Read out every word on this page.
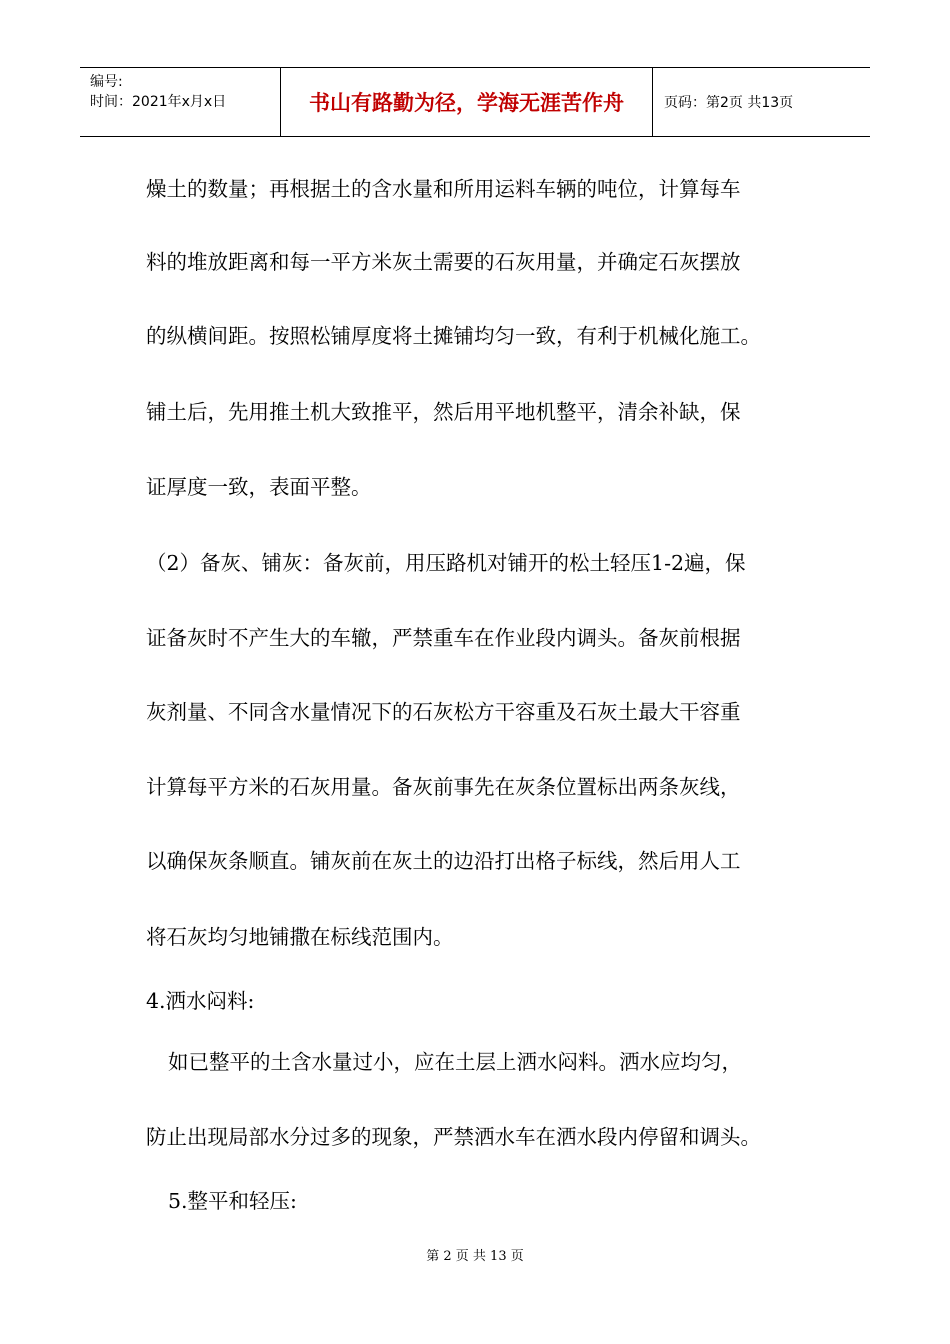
编号:
时间：2021年x月x日	书山有路勤为径，学海无涯苦作舟	页码：第2页 共13页

燥土的数量；再根据土的含水量和所用运料车辆的吨位，计算每车

料的堆放距离和每一平方米灰土需要的石灰用量，并确定石灰摆放

的纵横间距。按照松铺厚度将土摊铺均匀一致，有利于机械化施工。

铺土后，先用推土机大致推平，然后用平地机整平，清余补缺，保

证厚度一致，表面平整。

（2）备灰、铺灰：备灰前，用压路机对铺开的松土轻压1-2遍，保

证备灰时不产生大的车辙，严禁重车在作业段内调头。备灰前根据

灰剂量、不同含水量情况下的石灰松方干容重及石灰土最大干容重

计算每平方米的石灰用量。备灰前事先在灰条位置标出两条灰线，

以确保灰条顺直。铺灰前在灰土的边沿打出格子标线，然后用人工

将石灰均匀地铺撒在标线范围内。

4.洒水闷料:

如已整平的土含水量过小，应在土层上洒水闷料。洒水应均匀，

防止出现局部水分过多的现象，严禁洒水车在洒水段内停留和调头。

5.整平和轻压:

第 2 页 共 13 页
